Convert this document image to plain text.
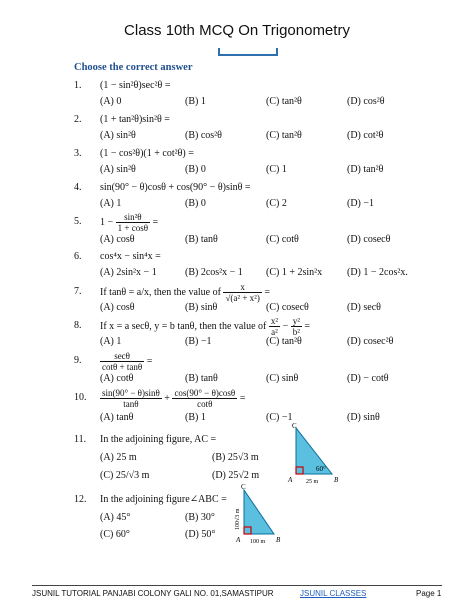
Class 10th MCQ On Trigonometry
Choose the correct answer
1. (1 − sin²θ)sec²θ =
(A) 0	(B) 1	(C) tan²θ	(D) cos²θ
2. (1 + tan²θ)sin²θ =
(A) sin²θ	(B) cos²θ	(C) tan²θ	(D) cot²θ
3. (1 − cos²θ)(1 + cot²θ) =
(A) sin²θ	(B) 0	(C) 1	(D) tan²θ
4. sin(90° − θ)cosθ + cos(90° − θ)sinθ =
(A) 1	(B) 0	(C) 2	(D) −1
5. $1 - \frac{\text{sin²θ}}{1 + \cos\theta}$ =
(A) cosθ	(B) tanθ	(C) cotθ	(D) cosecθ
6. cos⁴x − sin⁴x =
(A) 2sin²x − 1	(B) 2cos²x − 1 (C) 1 + 2sin²x (D) 1 − 2cos²x.
7. If tanθ = a/x, then the value of $\frac{x}{\text{√(a² + x²)}}$ =
(A) cosθ	(B) sinθ	(C) cosecθ	(D) secθ
8. If x = a secθ, y = b tanθ, then the value of $\frac{\text{x²}}{\text{a²}} - \frac{\text{y²}}{\text{b²}}$ =
(A) 1	(B) −1	(C) tan²θ	(D) cosec²θ
9. $\frac{\sec\theta}{\cot\theta + \tan\theta}$ =
(A) cotθ	(B) tanθ	(C) sinθ	(D) − cotθ
10. $\frac{\sin(90^\circ - \theta)\sin\theta}{\tan\theta} + \frac{\cos(90^\circ - \theta)\cos\theta}{\cot\theta}$ =
(A) tanθ	(B) 1	(C) −1	(D) sinθ
11. In the adjoining figure, AC =
(A) 25 m	(B) 25√3 m
(C) 25/√3 m	(D) 25√2 m
C
A	B
60°
25 m
12. In the adjoining figure∠ABC =
(A) 45°	(B) 30°
(C) 60°	(D) 50°
C
A	B
100√3 m
100 m
JSUNIL TUTORIAL PANJABI COLONY GALI NO. 01,SAMASTIPUR	JSUNIL CLASSES	Page 1
